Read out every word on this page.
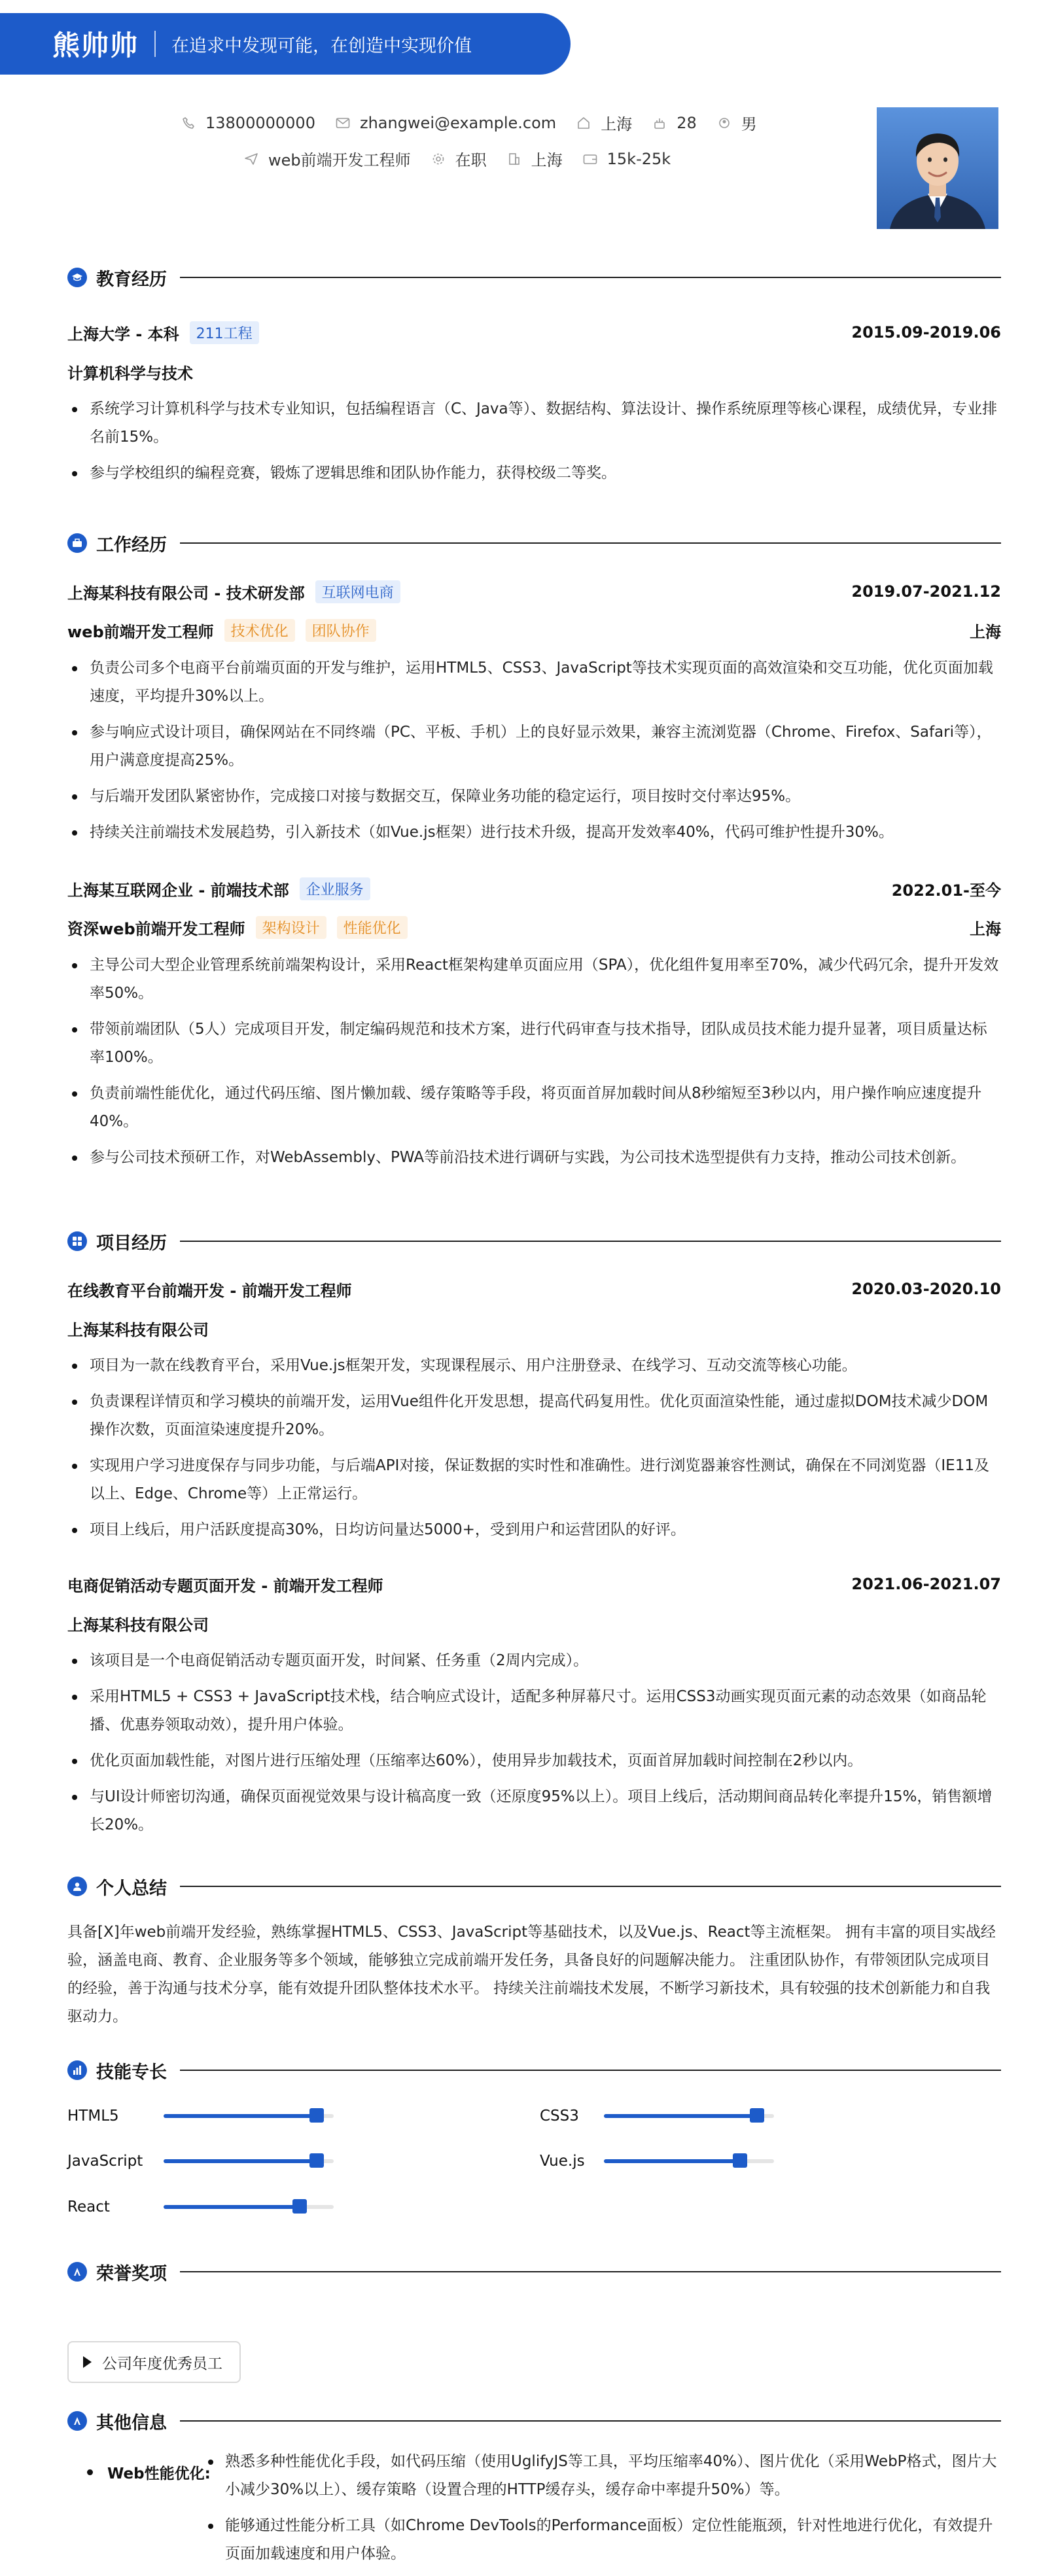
熊帅帅 在追求中发现可能，在创造中实现价值
13800000000	zhangwei@example.com	上海	28	男
web前端开发工程师	在职	上海	15k-25k
教育经历
上海大学 - 本科	211工程	2015.09-2019.06
计算机科学与技术
系统学习计算机科学与技术专业知识，包括编程语言（C、Java等）、数据结构、算法设计、操作系统原理等核心课程，成绩优异，专业排名前15%。
参与学校组织的编程竞赛，锻炼了逻辑思维和团队协作能力，获得校级二等奖。
工作经历
上海某科技有限公司 - 技术研发部	互联网电商	2019.07-2021.12
web前端开发工程师	技术优化	团队协作	上海
负责公司多个电商平台前端页面的开发与维护，运用HTML5、CSS3、JavaScript等技术实现页面的高效渲染和交互功能，优化页面加载速度，平均提升30%以上。
参与响应式设计项目，确保网站在不同终端（PC、平板、手机）上的良好显示效果，兼容主流浏览器（Chrome、Firefox、Safari等），用户满意度提高25%。
与后端开发团队紧密协作，完成接口对接与数据交互，保障业务功能的稳定运行，项目按时交付率达95%。
持续关注前端技术发展趋势，引入新技术（如Vue.js框架）进行技术升级，提高开发效率40%，代码可维护性提升30%。
上海某互联网企业 - 前端技术部	企业服务	2022.01-至今
资深web前端开发工程师	架构设计	性能优化	上海
主导公司大型企业管理系统前端架构设计，采用React框架构建单页面应用（SPA），优化组件复用率至70%，减少代码冗余，提升开发效率50%。
带领前端团队（5人）完成项目开发，制定编码规范和技术方案，进行代码审查与技术指导，团队成员技术能力提升显著，项目质量达标率100%。
负责前端性能优化，通过代码压缩、图片懒加载、缓存策略等手段，将页面首屏加载时间从8秒缩短至3秒以内，用户操作响应速度提升40%。
参与公司技术预研工作，对WebAssembly、PWA等前沿技术进行调研与实践，为公司技术选型提供有力支持，推动公司技术创新。
项目经历
在线教育平台前端开发 - 前端开发工程师	2020.03-2020.10
上海某科技有限公司
项目为一款在线教育平台，采用Vue.js框架开发，实现课程展示、用户注册登录、在线学习、互动交流等核心功能。
负责课程详情页和学习模块的前端开发，运用Vue组件化开发思想，提高代码复用性。优化页面渲染性能，通过虚拟DOM技术减少DOM操作次数，页面渲染速度提升20%。
实现用户学习进度保存与同步功能，与后端API对接，保证数据的实时性和准确性。进行浏览器兼容性测试，确保在不同浏览器（IE11及以上、Edge、Chrome等）上正常运行。
项目上线后，用户活跃度提高30%，日均访问量达5000+，受到用户和运营团队的好评。
电商促销活动专题页面开发 - 前端开发工程师	2021.06-2021.07
上海某科技有限公司
该项目是一个电商促销活动专题页面开发，时间紧、任务重（2周内完成）。
采用HTML5 + CSS3 + JavaScript技术栈，结合响应式设计，适配多种屏幕尺寸。运用CSS3动画实现页面元素的动态效果（如商品轮播、优惠券领取动效），提升用户体验。
优化页面加载性能，对图片进行压缩处理（压缩率达60%），使用异步加载技术，页面首屏加载时间控制在2秒以内。
与UI设计师密切沟通，确保页面视觉效果与设计稿高度一致（还原度95%以上）。项目上线后，活动期间商品转化率提升15%，销售额增长20%。
个人总结
具备[X]年web前端开发经验，熟练掌握HTML5、CSS3、JavaScript等基础技术，以及Vue.js、React等主流框架。 拥有丰富的项目实战经验，涵盖电商、教育、企业服务等多个领域，能够独立完成前端开发任务，具备良好的问题解决能力。 注重团队协作，有带领团队完成项目的经验，善于沟通与技术分享，能有效提升团队整体技术水平。 持续关注前端技术发展，不断学习新技术，具有较强的技术创新能力和自我驱动力。
技能专长
HTML5	CSS3
JavaScript	Vue.js
React
荣誉奖项
公司年度优秀员工
其他信息
Web性能优化:
熟悉多种性能优化手段，如代码压缩（使用UglifyJS等工具，平均压缩率40%）、图片优化（采用WebP格式，图片大小减少30%以上）、缓存策略（设置合理的HTTP缓存头，缓存命中率提升50%）等。
能够通过性能分析工具（如Chrome DevTools的Performance面板）定位性能瓶颈，针对性地进行优化，有效提升页面加载速度和用户体验。
